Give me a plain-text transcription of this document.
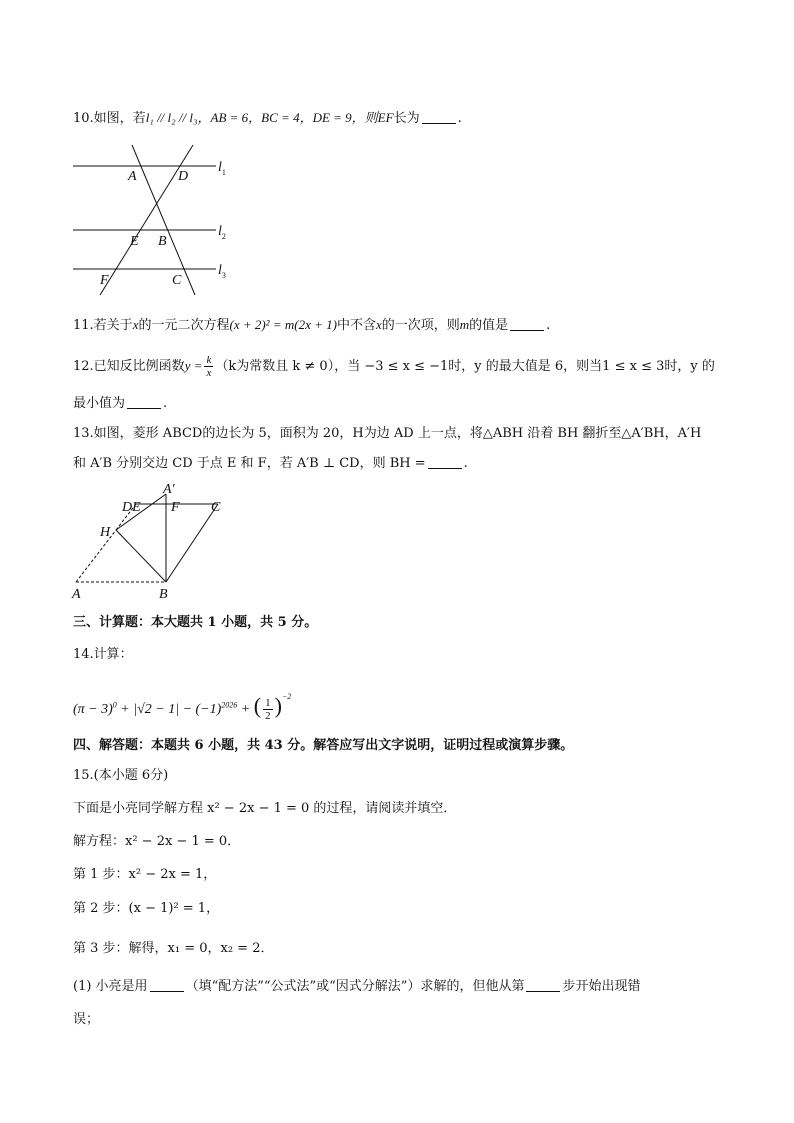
10.如图，若l₁ // l₂ // l₃，AB = 6，BC = 4，DE = 9，则EF长为	.
A	D
E B
F	C
$l_1$
$l_2$
$l_3$
11.若关于x的一元二次方程(x + 2)² = m(2x + 1)中不含x的一次项，则m的值是	.
12.已知反比例函数$y = \frac{k}{x} (k$为常数且 k ≠ 0），当 −3 ≤ x ≤ −1时，y 的最大值是 6，则当1 ≤ x ≤ 3时，y 的
最小值为	.
13.如图，菱形 ABCD的边长为 5，面积为 20，H为边 AD 上一点，将△ABH 沿着 BH 翻折至△A′BH，A′H
和 A′B 分别交边 CD 于点 E 和 F，若 A′B ⊥ CD，则 BH =	.
A′
DE F C
H
A	B
三、计算题：本大题共 1 小题，共 5 分。
14.计算：
$(\pi - 3)^0 + |√2 - 1| - (-1)^{2026}$ + ( $\frac{1}{2} )^{-2}$
四、解答题：本题共 6 小题，共 43 分。解答应写出文字说明，证明过程或演算步骤。
15.(本小题 6分)
下面是小亮同学解方程 x² − 2x − 1 = 0 的过程，请阅读并填空．
解方程：x² − 2x − 1 = 0．
第 1 步：x² − 2x = 1，
第 2 步：(x − 1)² = 1，
第 3 步：解得，x₁ = 0，x₂ = 2．
(1) 小亮是用	（填“配方法”“公式法”或“因式分解法”）求解的，但他从第	步开始出现错
误；
